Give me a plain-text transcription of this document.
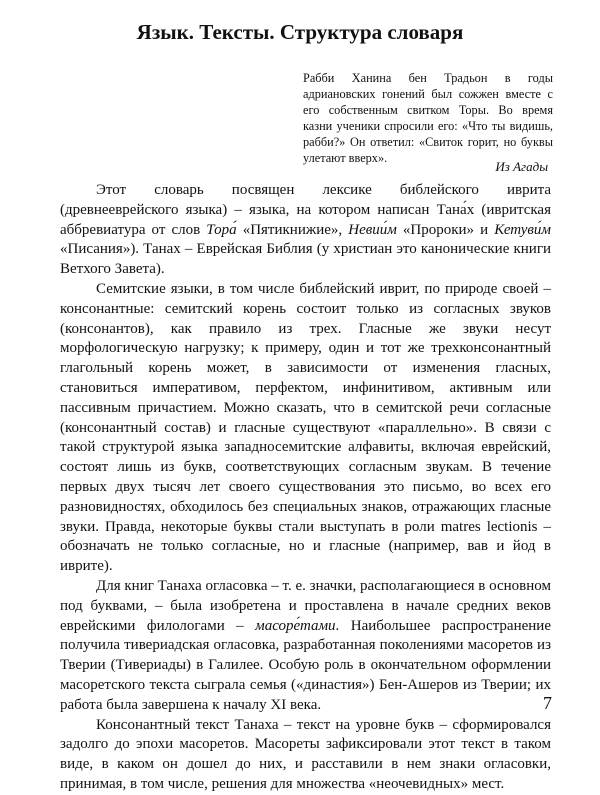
Язык. Тексты. Структура словаря
Рабби Ханина бен Традьон в годы адриановских гонений был сожжен вместе с его собственным свитком Торы. Во время казни ученики спросили его: «Что ты видишь, рабби?» Он ответил: «Свиток горит, но буквы улетают вверх».
Из Агады

Этот словарь посвящен лексике библейского иврита (древнееврейского языка) – языка, на котором написан Тана́х (ивритская аббревиатура от слов Тора́ «Пятикнижие», Невии́м «Пророки» и Кетуви́м «Писания»). Танах – Еврейская Библия (у христиан это канонические книги Ветхого Завета).

Семитские языки, в том числе библейский иврит, по природе своей – консонантные: семитский корень состоит только из согласных звуков (консонантов), как правило из трех. Гласные же звуки несут морфологическую нагрузку; к примеру, один и тот же трехконсонантный глагольный корень может, в зависимости от изменения гласных, становиться императивом, перфектом, инфинитивом, активным или пассивным причастием. Можно сказать, что в семитской речи согласные (консонантный состав) и гласные существуют «параллельно». В связи с такой структурой языка западносемитские алфавиты, включая еврейский, состоят лишь из букв, соответствующих согласным звукам. В течение первых двух тысяч лет своего существования это письмо, во всех его разновидностях, обходилось без специальных знаков, отражающих гласные звуки. Правда, некоторые буквы стали выступать в роли matres lectionis – обозначать не только согласные, но и гласные (например, вав и йод в иврите).

Для книг Танаха огласовка – т. е. значки, располагающиеся в основном под буквами, – была изобретена и проставлена в начале средних веков еврейскими филологами – масоре́тами. Наибольшее распространение получила тивериадская огласовка, разработанная поколениями масоретов из Тверии (Тивериады) в Галилее. Особую роль в окончательном оформлении масоретского текста сыграла семья («династия») Бен-Ашеров из Тверии; их работа была завершена к началу XI века.

Консонантный текст Танаха – текст на уровне букв – сформировался задолго до эпохи масоретов. Масореты зафиксировали этот текст в таком виде, в каком он дошел до них, и расставили в нем знаки огласовки, принимая, в том числе, решения для множества «неочевидных» мест.

7
